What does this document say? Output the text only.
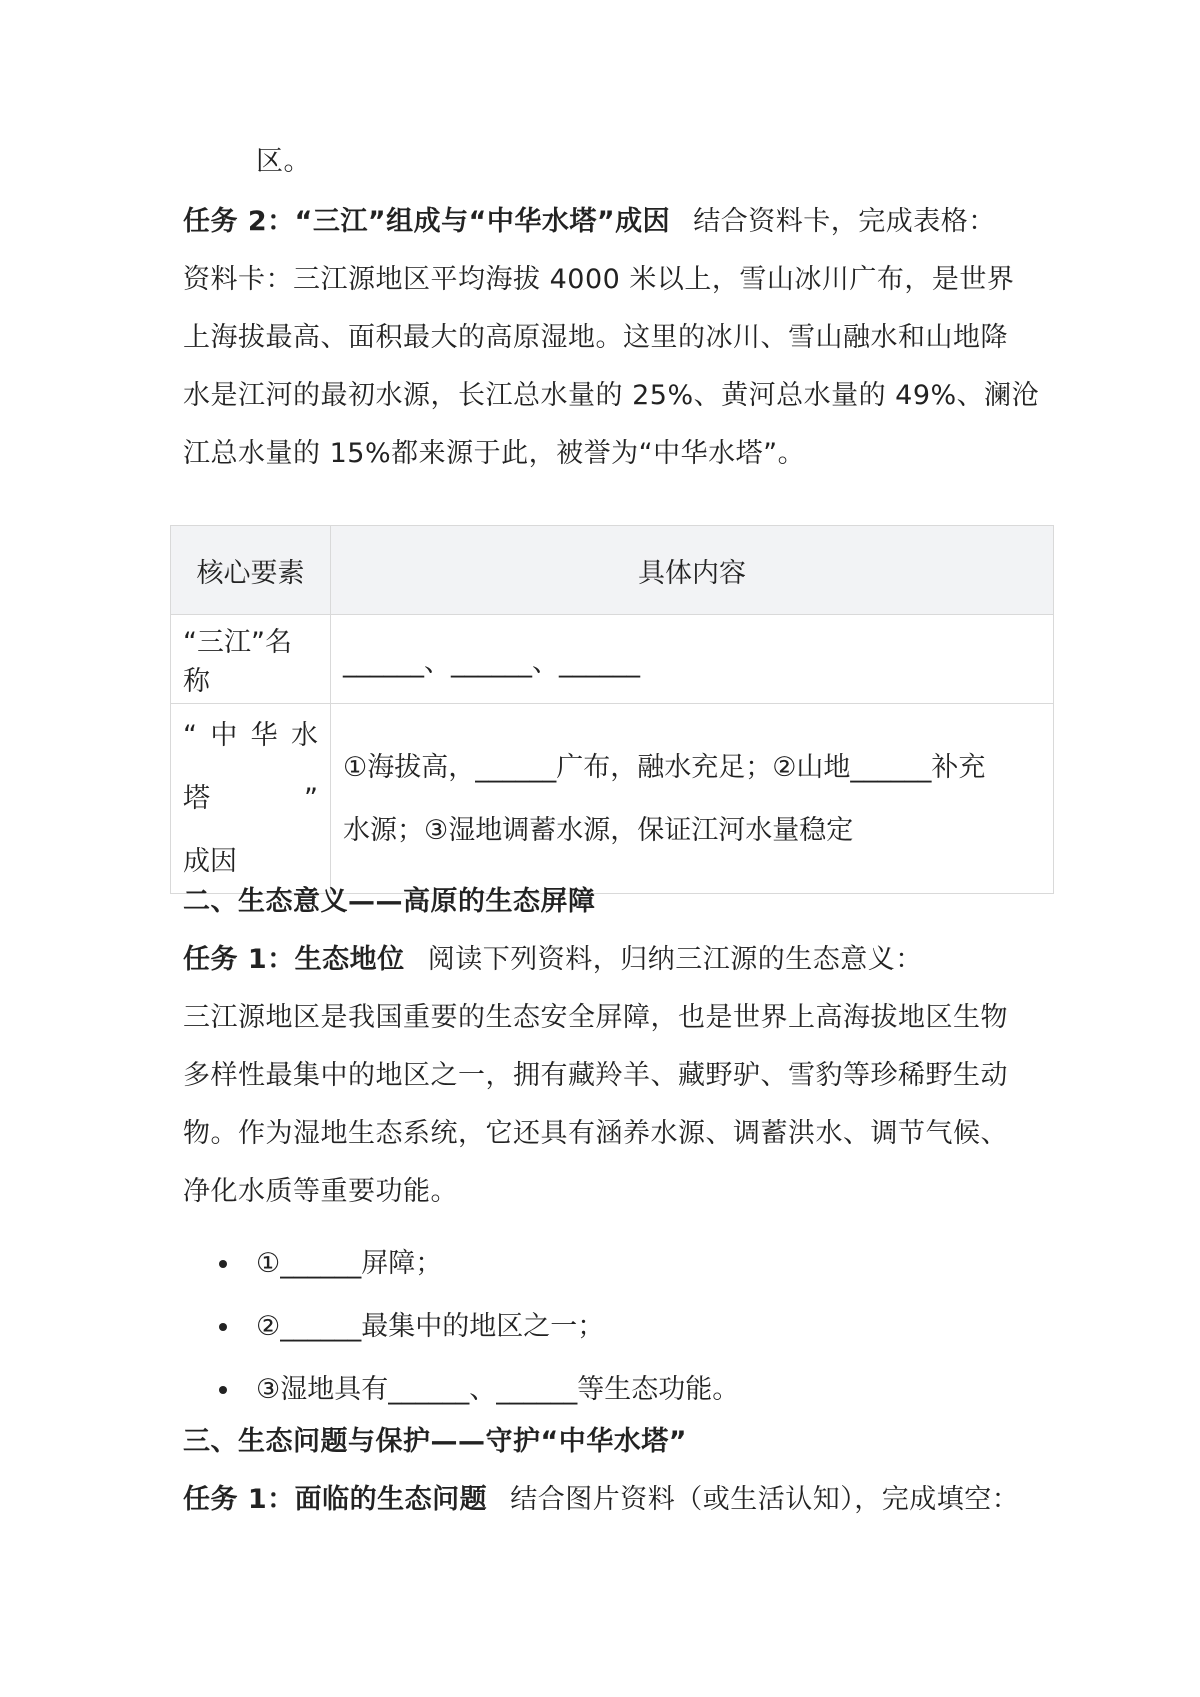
区。
任务 2：“三江”组成与“中华水塔”成因 结合资料卡，完成表格：
资料卡：三江源地区平均海拔 4000 米以上，雪山冰川广布，是世界
上海拔最高、面积最大的高原湿地。这里的冰川、雪山融水和山地降
水是江河的最初水源，长江总水量的 25%、黄河总水量的 49%、澜沧
江总水量的 15%都来源于此，被誉为“中华水塔”。
核心要素	具体内容
“三江”名称	______、______、______

“中华水塔”
成因	①海拔高，______广布，融水充足；②山地______补充
水源；③湿地调蓄水源，保证江河水量稳定
二、生态意义——高原的生态屏障
任务 1：生态地位 阅读下列资料，归纳三江源的生态意义：
三江源地区是我国重要的生态安全屏障，也是世界上高海拔地区生物
多样性最集中的地区之一，拥有藏羚羊、藏野驴、雪豹等珍稀野生动
物。作为湿地生态系统，它还具有涵养水源、调蓄洪水、调节气候、
净化水质等重要功能。
①______屏障；
②______最集中的地区之一；
③湿地具有______、______等生态功能。
三、生态问题与保护——守护“中华水塔”
任务 1：面临的生态问题 结合图片资料（或生活认知），完成填空：
